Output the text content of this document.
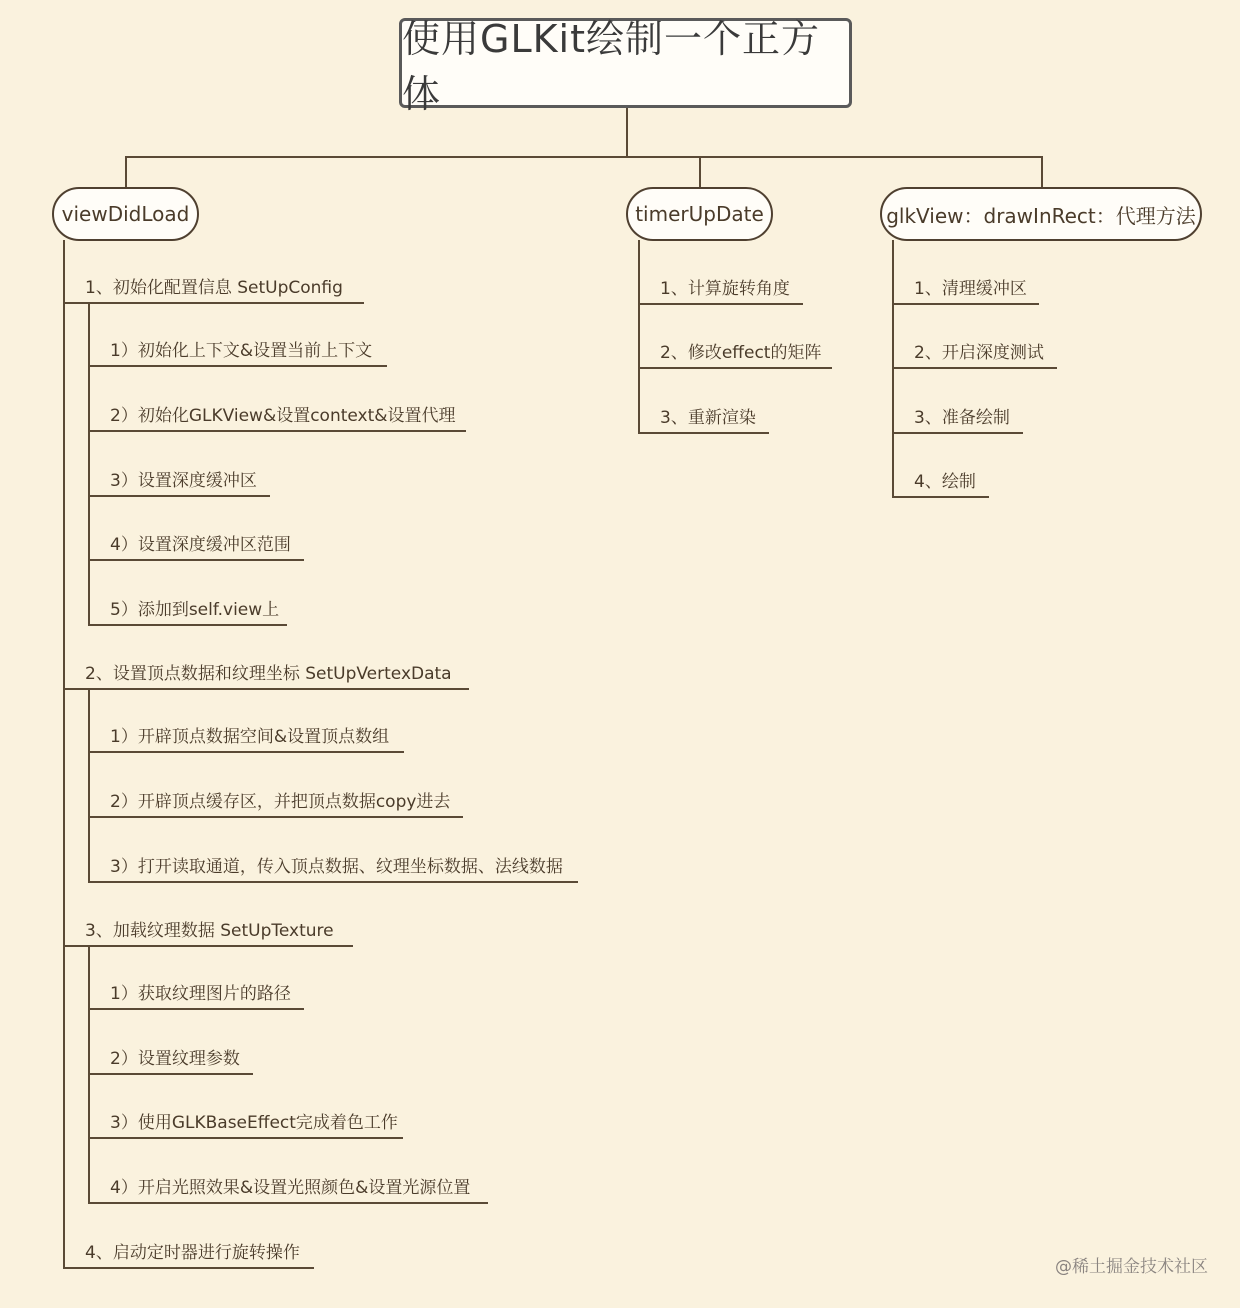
使用GLKit绘制一个正方体
viewDidLoad	timerUpDate	glkView：drawInRect：代理方法
1、初始化配置信息 SetUpConfig
1）初始化上下文&设置当前上下文
2）初始化GLKView&设置context&设置代理
3）设置深度缓冲区
4）设置深度缓冲区范围
5）添加到self.view上
2、设置顶点数据和纹理坐标 SetUpVertexData
1）开辟顶点数据空间&设置顶点数组
2）开辟顶点缓存区，并把顶点数据copy进去
3）打开读取通道，传入顶点数据、纹理坐标数据、法线数据
3、加载纹理数据 SetUpTexture
1）获取纹理图片的路径
2）设置纹理参数
3）使用GLKBaseEffect完成着色工作
4）开启光照效果&设置光照颜色&设置光源位置
4、启动定时器进行旋转操作
1、计算旋转角度
2、修改effect的矩阵
3、重新渲染
1、清理缓冲区
2、开启深度测试
3、准备绘制
4、绘制
@稀土掘金技术社区
